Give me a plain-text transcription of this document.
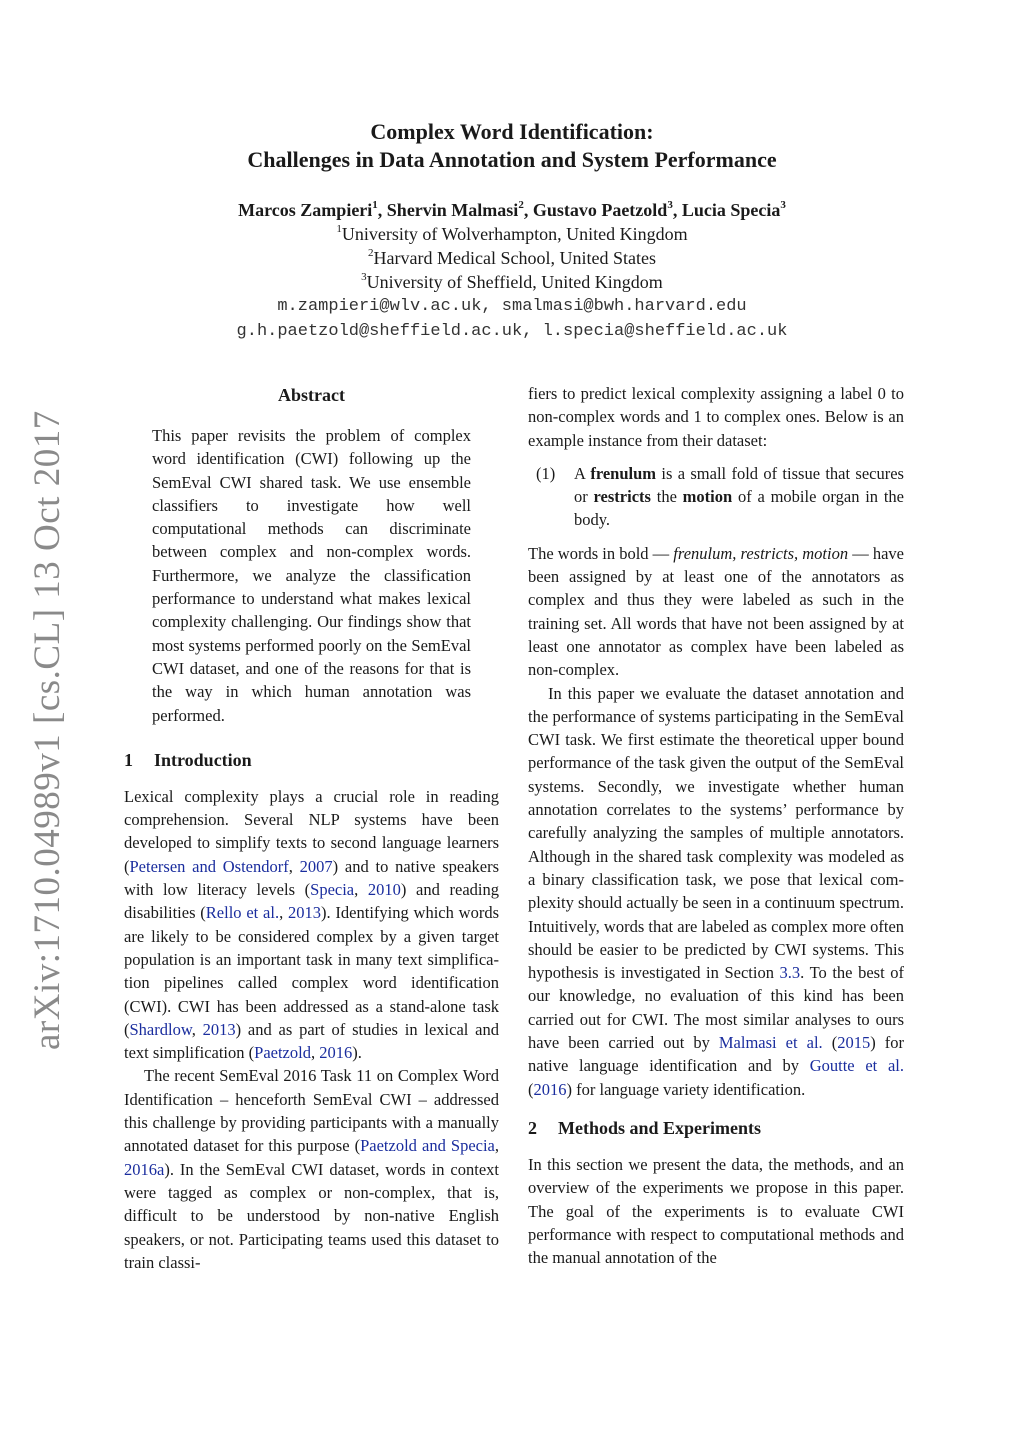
Complex Word Identification:
Challenges in Data Annotation and System Performance
Marcos Zampieri$^1$, Shervin Malmasi$^2$, Gustavo Paetzold$^3$, Lucia Specia$^3$
$^1$University of Wolverhampton, United Kingdom
$^2$Harvard Medical School, United States
$^3$University of Sheffield, United Kingdom
m.zampieri@wlv.ac.uk, smalmasi@bwh.harvard.edu
g.h.paetzold@sheffield.ac.uk, l.specia@sheffield.ac.uk
arXiv:1710.04989v1 [cs.CL] 13 Oct 2017

Abstract

This paper revisits the problem of complex word identification (CWI) following up the SemEval CWI shared task. We use ensemble classifiers to investigate how well computational methods can discriminate between complex and non-complex words. Furthermore, we analyze the classification performance to understand what makes lexical complexity challenging. Our findings show that most systems performed poorly on the SemEval CWI dataset, and one of the reasons for that is the way in which human annotation was performed.

1 Introduction

Lexical complexity plays a crucial role in reading comprehension. Several NLP systems have been developed to simplify texts to second language learners (Petersen and Ostendorf, 2007) and to native speakers with low literacy levels (Specia, 2010) and reading disabilities (Rello et al., 2013). Identifying which words are likely to be considered complex by a given target population is an important task in many text simplification pipelines called complex word identification (CWI). CWI has been addressed as a stand-alone task (Shardlow, 2013) and as part of studies in lexical and text simplification (Paetzold, 2016).

The recent SemEval 2016 Task 11 on Complex Word Identification – henceforth SemEval CWI – addressed this challenge by providing participants with a manually annotated dataset for this purpose (Paetzold and Specia, 2016a). In the SemEval CWI dataset, words in context were tagged as complex or non-complex, that is, difficult to be understood by non-native English speakers, or not. Participating teams used this dataset to train classi-

fiers to predict lexical complexity assigning a label 0 to non-complex words and 1 to complex ones. Below is an example instance from their dataset:

(1)	A frenulum is a small fold of tissue that secures or restricts the motion of a mobile organ in the body.

The words in bold — frenulum, restricts, motion — have been assigned by at least one of the annotators as complex and thus they were labeled as such in the training set. All words that have not been assigned by at least one annotator as complex have been labeled as non-complex.

In this paper we evaluate the dataset annotation and the performance of systems participating in the SemEval CWI task. We first estimate the theoretical upper bound performance of the task given the output of the SemEval systems. Secondly, we investigate whether human annotation correlates to the systems’ performance by carefully analyzing the samples of multiple annotators. Although in the shared task complexity was modeled as a binary classification task, we pose that lexical complexity should actually be seen in a continuum spectrum. Intuitively, words that are labeled as complex more often should be easier to be predicted by CWI systems. This hypothesis is investigated in Section 3.3. To the best of our knowledge, no evaluation of this kind has been carried out for CWI. The most similar analyses to ours have been carried out by Malmasi et al. (2015) for native language identification and by Goutte et al. (2016) for language variety identification.

2 Methods and Experiments

In this section we present the data, the methods, and an overview of the experiments we propose in this paper. The goal of the experiments is to evaluate CWI performance with respect to computational methods and the manual annotation of the
